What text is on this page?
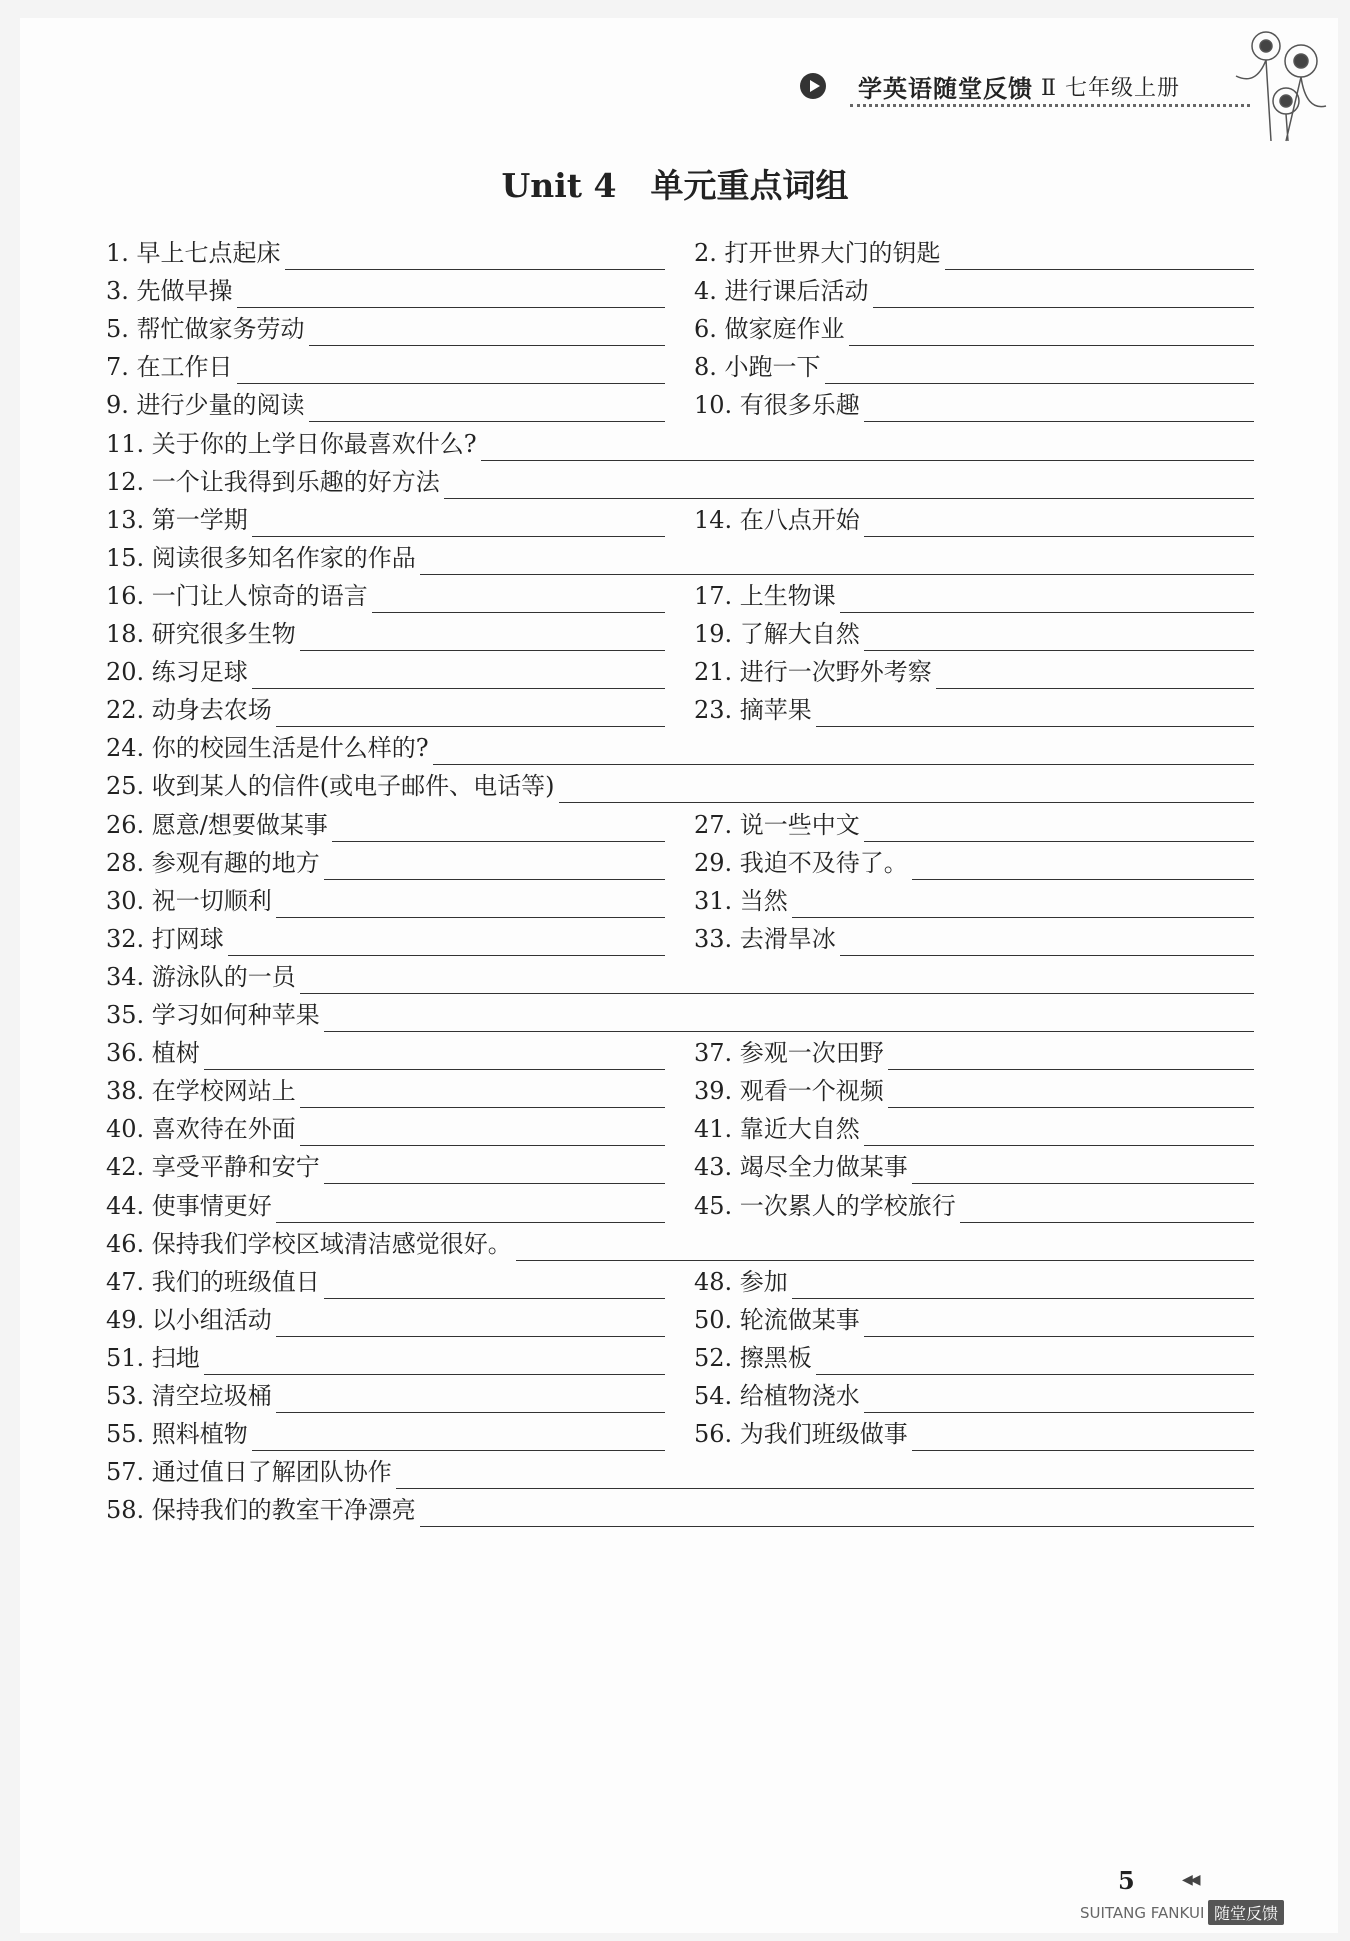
学英语随堂反馈 Ⅱ 七年级上册
Unit 4 单元重点词组
1. 早上七点起床	2. 打开世界大门的钥匙
3. 先做早操	4. 进行课后活动
5. 帮忙做家务劳动	6. 做家庭作业
7. 在工作日	8. 小跑一下
9. 进行少量的阅读	10. 有很多乐趣
11. 关于你的上学日你最喜欢什么?
12. 一个让我得到乐趣的好方法
13. 第一学期	14. 在八点开始
15. 阅读很多知名作家的作品
16. 一门让人惊奇的语言	17. 上生物课
18. 研究很多生物	19. 了解大自然
20. 练习足球	21. 进行一次野外考察
22. 动身去农场	23. 摘苹果
24. 你的校园生活是什么样的?
25. 收到某人的信件(或电子邮件、电话等)
26. 愿意/想要做某事	27. 说一些中文
28. 参观有趣的地方	29. 我迫不及待了。
30. 祝一切顺利	31. 当然
32. 打网球	33. 去滑旱冰
34. 游泳队的一员
35. 学习如何种苹果
36. 植树	37. 参观一次田野
38. 在学校网站上	39. 观看一个视频
40. 喜欢待在外面	41. 靠近大自然
42. 享受平静和安宁	43. 竭尽全力做某事
44. 使事情更好	45. 一次累人的学校旅行
46. 保持我们学校区域清洁感觉很好。
47. 我们的班级值日	48. 参加
49. 以小组活动	50. 轮流做某事
51. 扫地	52. 擦黑板
53. 清空垃圾桶	54. 给植物浇水
55. 照料植物	56. 为我们班级做事
57. 通过值日了解团队协作
58. 保持我们的教室干净漂亮
5	◀◀
SUITANG FANKUI 随堂反馈
